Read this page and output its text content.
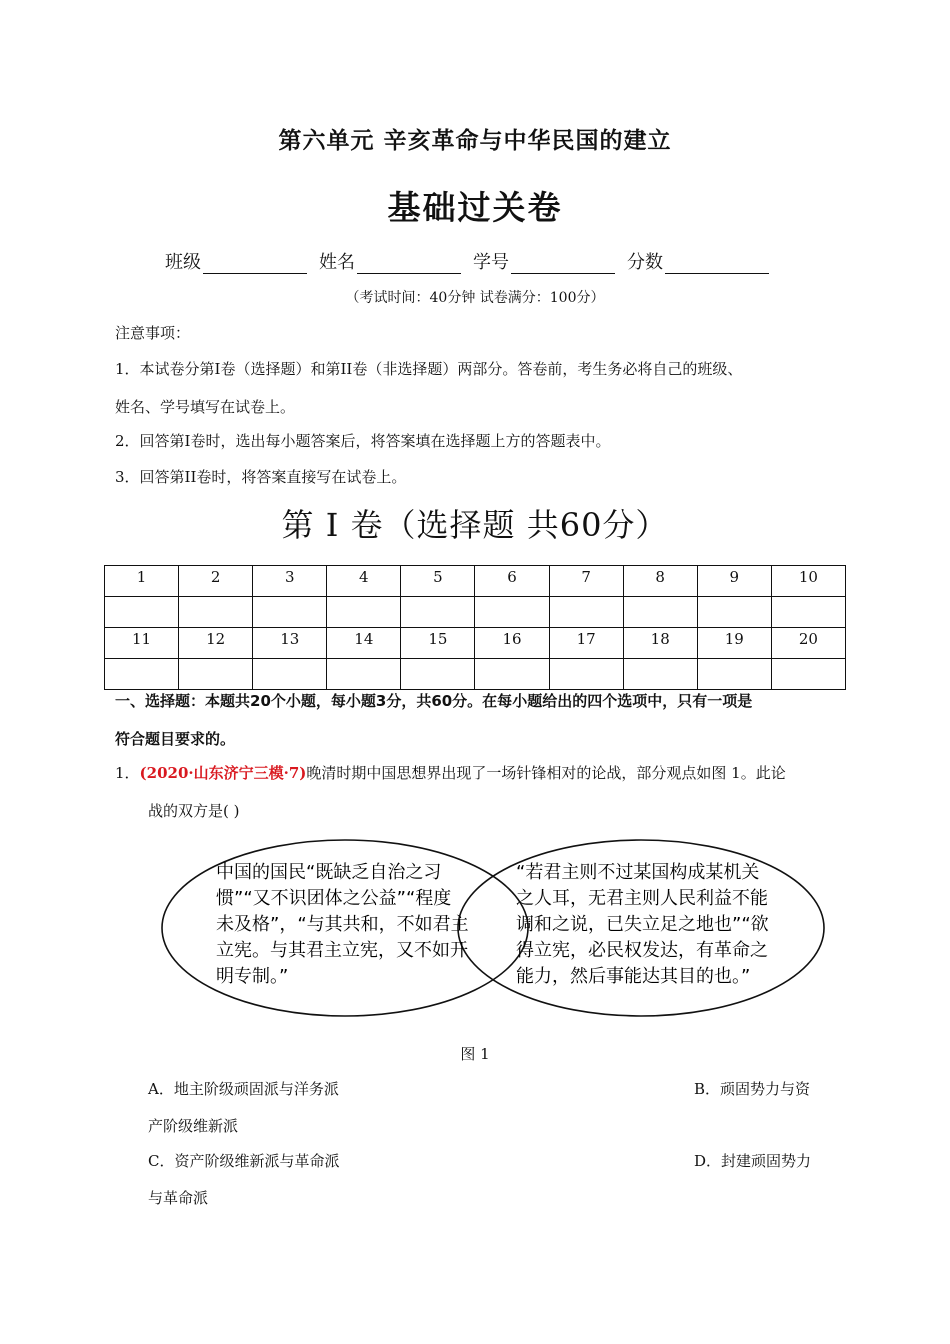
第六单元 辛亥革命与中华民国的建立
基础过关卷
班级	姓名	学号	分数
（考试时间：40分钟 试卷满分：100分）
注意事项：
1．本试卷分第I卷（选择题）和第II卷（非选择题）两部分。答卷前，考生务必将自己的班级、
姓名、学号填写在试卷上。
2．回答第I卷时，选出每小题答案后，将答案填在选择题上方的答题表中。
3．回答第II卷时，将答案直接写在试卷上。
第 I 卷（选择题 共60分）
1	2	3	4	5	6	7	8	9	10

11	12	13	14	15	16	17	18	19	20

一、选择题：本题共20个小题，每小题3分，共60分。在每小题给出的四个选项中，只有一项是
符合题目要求的。
1．(2020·山东济宁三模·7)晚清时期中国思想界出现了一场针锋相对的论战，部分观点如图 1。此论
战的双方是( )
中国的国民“既缺乏自治之习
惯”“又不识团体之公益”“程度
未及格”，“与其共和，不如君主
立宪。与其君主立宪，又不如开
明专制。”
“若君主则不过某国构成某机关
之人耳，无君主则人民利益不能
调和之说，已失立足之地也”“欲
得立宪，必民权发达，有革命之
能力，然后事能达其目的也。”
图 1
A．地主阶级顽固派与洋务派	B．顽固势力与资
产阶级维新派
C．资产阶级维新派与革命派	D．封建顽固势力
与革命派
